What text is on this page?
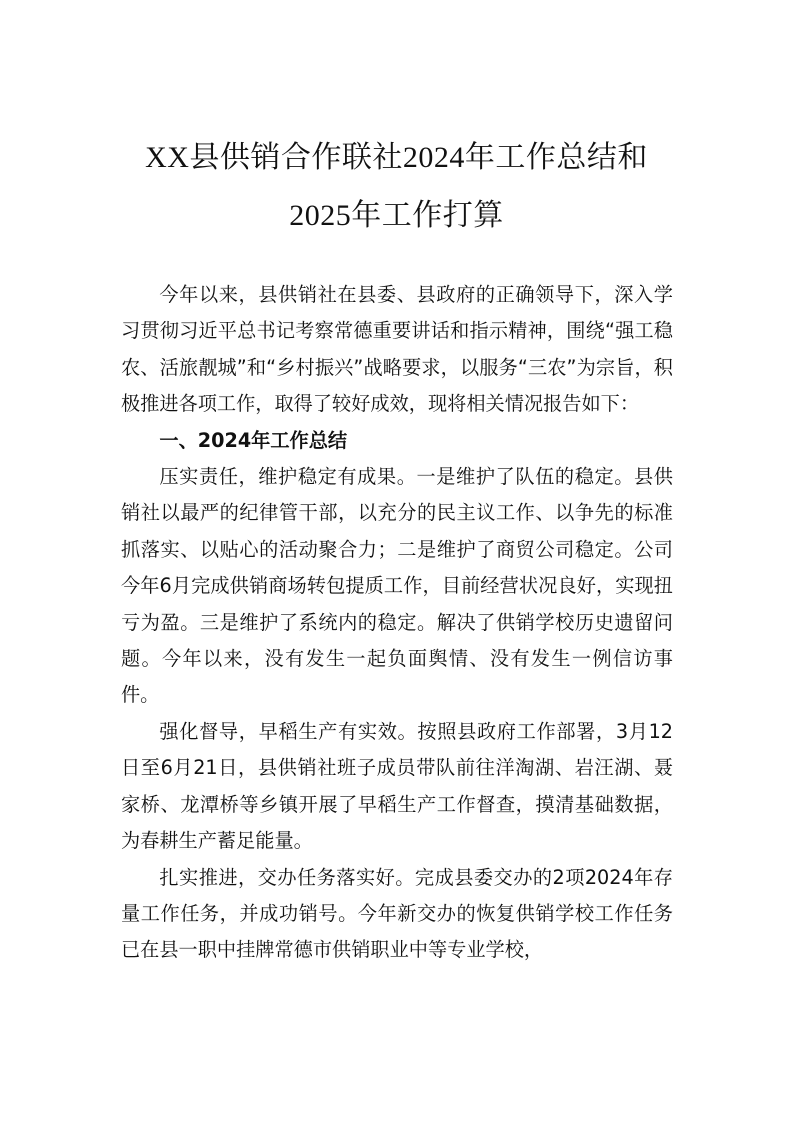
XX县供销合作联社2024年工作总结和
2025年工作打算

今年以来，县供销社在县委、县政府的正确领导下，深入学习贯彻习近平总书记考察常德重要讲话和指示精神，围绕“强工稳农、活旅靓城”和“乡村振兴”战略要求，以服务“三农”为宗旨，积极推进各项工作，取得了较好成效，现将相关情况报告如下：

一、2024年工作总结

压实责任，维护稳定有成果。一是维护了队伍的稳定。县供销社以最严的纪律管干部，以充分的民主议工作、以争先的标准抓落实、以贴心的活动聚合力；二是维护了商贸公司稳定。公司今年6月完成供销商场转包提质工作，目前经营状况良好，实现扭亏为盈。三是维护了系统内的稳定。解决了供销学校历史遗留问题。今年以来，没有发生一起负面舆情、没有发生一例信访事件。

强化督导，早稻生产有实效。按照县政府工作部署，3月12日至6月21日，县供销社班子成员带队前往洋淘湖、岩汪湖、聂家桥、龙潭桥等乡镇开展了早稻生产工作督查，摸清基础数据，为春耕生产蓄足能量。

扎实推进，交办任务落实好。完成县委交办的2项2024年存量工作任务，并成功销号。今年新交办的恢复供销学校工作任务已在县一职中挂牌常德市供销职业中等专业学校，
